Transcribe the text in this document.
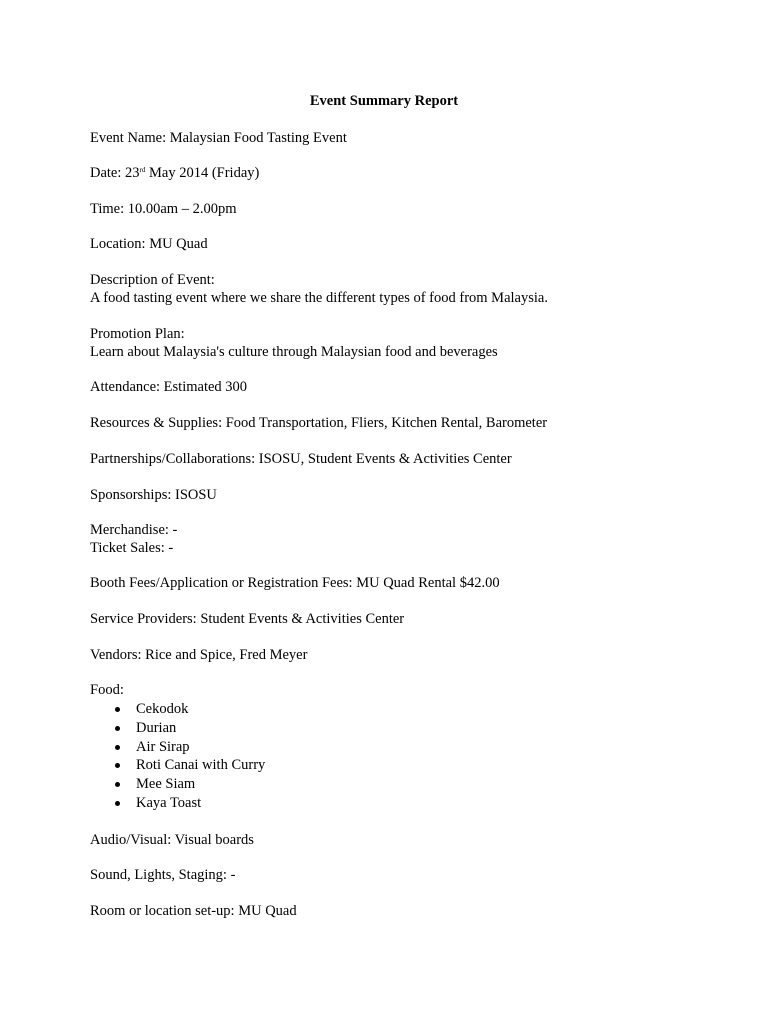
Event Summary Report
Event Name: Malaysian Food Tasting Event
Date: 23rd May 2014 (Friday)
Time: 10.00am – 2.00pm
Location: MU Quad
Description of Event:
A food tasting event where we share the different types of food from Malaysia.
Promotion Plan:
Learn about Malaysia's culture through Malaysian food and beverages
Attendance: Estimated 300
Resources & Supplies: Food Transportation, Fliers, Kitchen Rental, Barometer
Partnerships/Collaborations: ISOSU, Student Events & Activities Center
Sponsorships: ISOSU
Merchandise: -
Ticket Sales: -
Booth Fees/Application or Registration Fees: MU Quad Rental $42.00
Service Providers: Student Events & Activities Center
Vendors: Rice and Spice, Fred Meyer
Food:
Cekodok
Durian
Air Sirap
Roti Canai with Curry
Mee Siam
Kaya Toast
Audio/Visual: Visual boards
Sound, Lights, Staging: -
Room or location set-up: MU Quad
